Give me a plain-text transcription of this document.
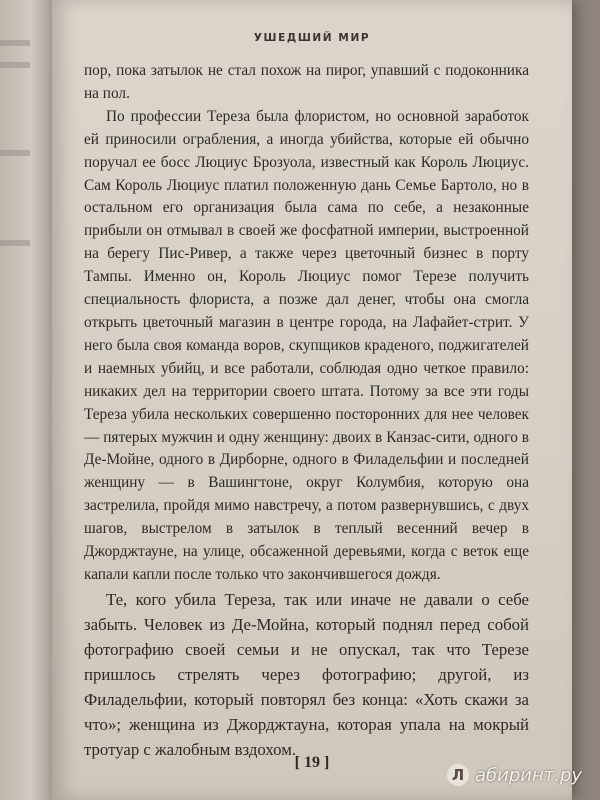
УШЕДШИЙ МИР

пор, пока затылок не стал похож на пирог, упавший с подоконника на пол.

По профессии Тереза была флористом, но основной заработок ей приносили ограбления, а иногда убийства, которые ей обычно поручал ее босс Люциус Брозуола, известный как Король Люциус. Сам Король Люциус платил положенную дань Семье Бартоло, но в остальном его организация была сама по себе, а незаконные прибыли он отмывал в своей же фосфатной империи, выстроенной на берегу Пис-Ривер, а также через цветочный бизнес в порту Тампы. Именно он, Король Люциус помог Терезе получить специальность флориста, а позже дал денег, чтобы она смогла открыть цветочный магазин в центре города, на Лафайет-стрит. У него была своя команда воров, скупщиков краденого, поджигателей и наемных убийц, и все работали, соблюдая одно четкое правило: никаких дел на территории своего штата. Потому за все эти годы Тереза убила нескольких совершенно посторонних для нее человек — пятерых мужчин и одну женщину: двоих в Канзас-сити, одного в Де-Мойне, одного в Дирборне, одного в Филадельфии и последней женщину — в Вашингтоне, округ Колумбия, которую она застрелила, пройдя мимо навстречу, а потом развернувшись, с двух шагов, выстрелом в затылок в теплый весенний вечер в Джорджтауне, на улице, обсаженной деревьями, когда с веток еще капали капли после только что закончившегося дождя.

Те, кого убила Тереза, так или иначе не давали о себе забыть. Человек из Де-Мойна, который поднял перед собой фотографию своей семьи и не опускал, так что Терезе пришлось стрелять через фотографию; другой, из Филадельфии, который повторял без конца: «Хоть скажи за что»; женщина из Джорджтауна, которая упала на мокрый тротуар с жалобным вздохом.

[ 19 ]
Л абиринт.ру
